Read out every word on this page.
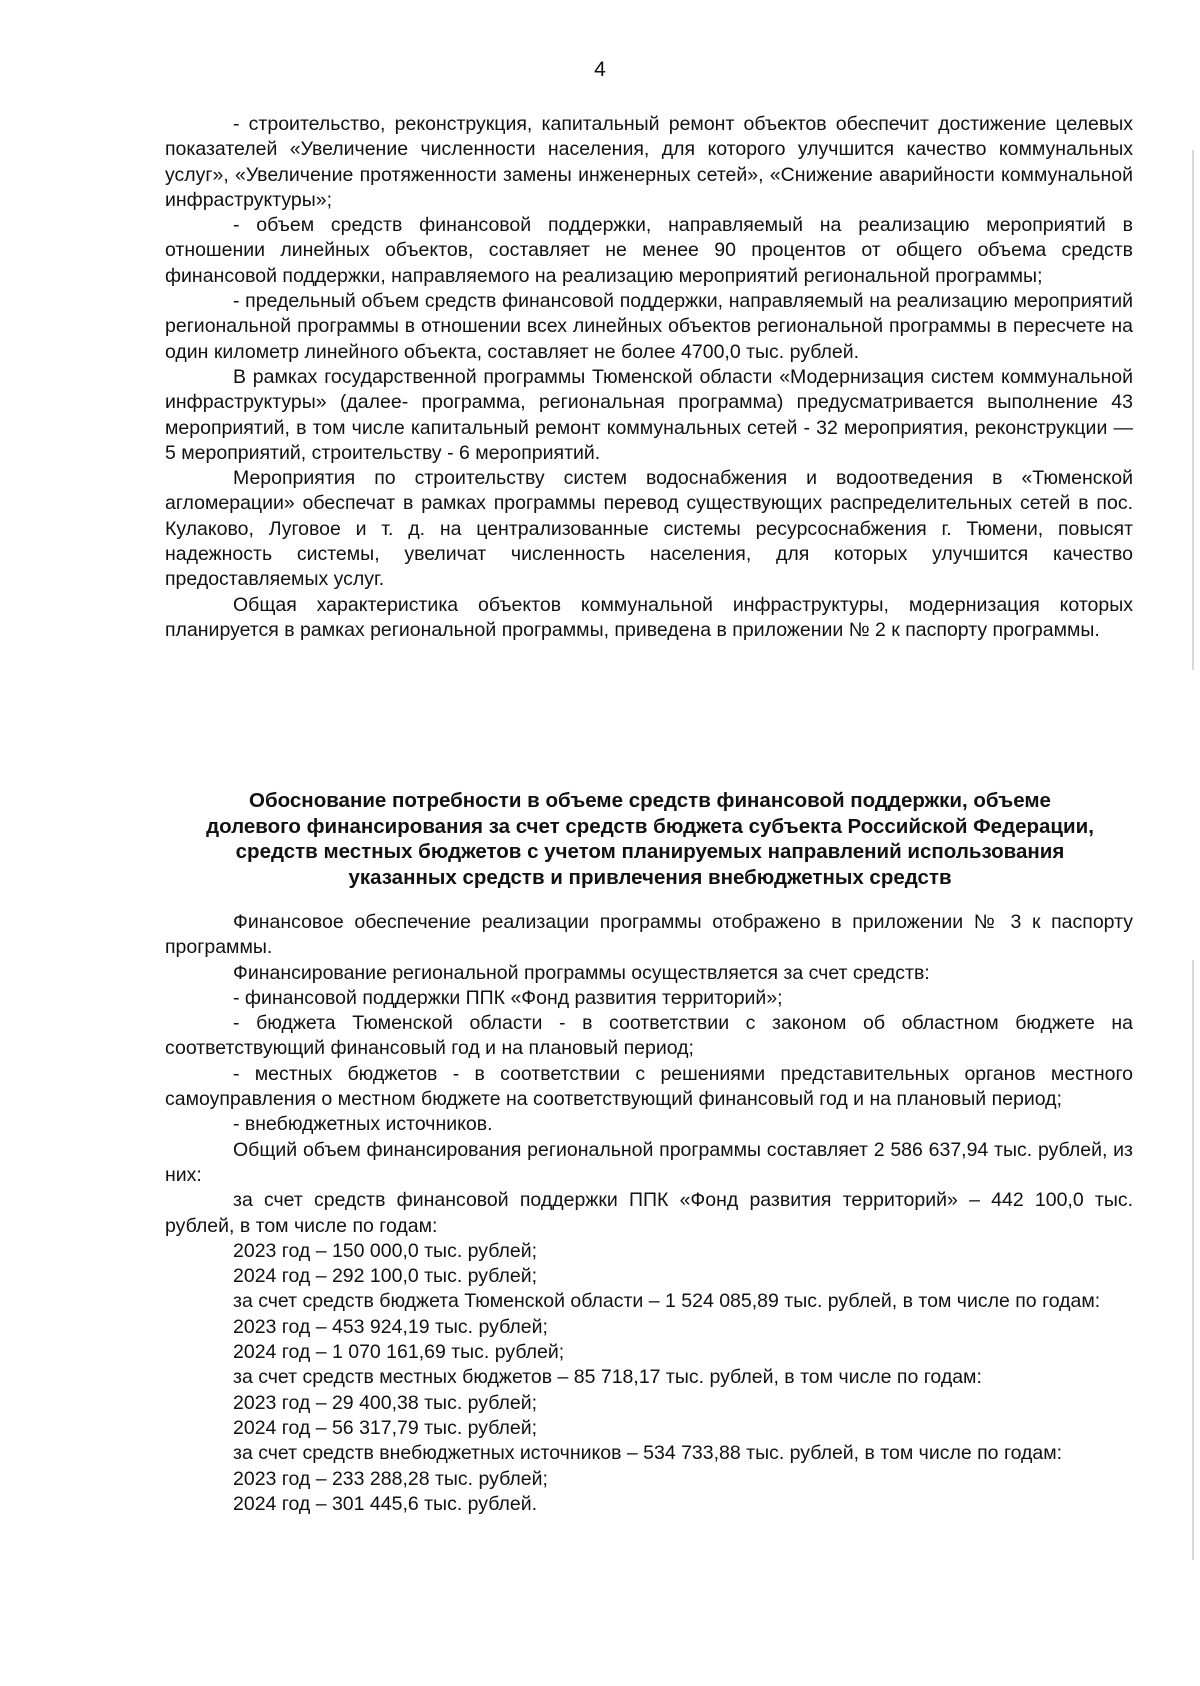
4

- строительство, реконструкция, капитальный ремонт объектов обеспечит достижение целевых показателей «Увеличение численности населения, для которого улучшится качество коммунальных услуг», «Увеличение протяженности замены инженерных сетей», «Снижение аварийности коммунальной инфраструктуры»;

- объем средств финансовой поддержки, направляемый на реализацию мероприятий в отношении линейных объектов, составляет не менее 90 процентов от общего объема средств финансовой поддержки, направляемого на реализацию мероприятий региональной программы;

- предельный объем средств финансовой поддержки, направляемый на реализацию мероприятий региональной программы в отношении всех линейных объектов региональной программы в пересчете на один километр линейного объекта, составляет не более 4700,0 тыс. рублей.

В рамках государственной программы Тюменской области «Модернизация систем коммунальной инфраструктуры» (далее- программа, региональная программа) предусматривается выполнение 43 мероприятий, в том числе капитальный ремонт коммунальных сетей - 32 мероприятия, реконструкции — 5 мероприятий, строительству - 6 мероприятий.

Мероприятия по строительству систем водоснабжения и водоотведения в «Тюменской агломерации» обеспечат в рамках программы перевод существующих распределительных сетей в пос. Кулаково, Луговое и т. д. на централизованные системы ресурсоснабжения г. Тюмени, повысят надежность системы, увеличат численность населения, для которых улучшится качество предоставляемых услуг.

Общая характеристика объектов коммунальной инфраструктуры, модернизация которых планируется в рамках региональной программы, приведена в приложении № 2 к паспорту программы.

Обоснование потребности в объеме средств финансовой поддержки, объеме
долевого финансирования за счет средств бюджета субъекта Российской Федерации,
средств местных бюджетов с учетом планируемых направлений использования
указанных средств и привлечения внебюджетных средств

Финансовое обеспечение реализации программы отображено в приложении № 3 к паспорту программы.

Финансирование региональной программы осуществляется за счет средств:

- финансовой поддержки ППК «Фонд развития территорий»;

- бюджета Тюменской области - в соответствии с законом об областном бюджете на соответствующий финансовый год и на плановый период;

- местных бюджетов - в соответствии с решениями представительных органов местного самоуправления о местном бюджете на соответствующий финансовый год и на плановый период;

- внебюджетных источников.

Общий объем финансирования региональной программы составляет 2 586 637,94 тыс. рублей, из них:

за счет средств финансовой поддержки ППК «Фонд развития территорий» – 442 100,0 тыс. рублей, в том числе по годам:

2023 год – 150 000,0 тыс. рублей;

2024 год – 292 100,0 тыс. рублей;

за счет средств бюджета Тюменской области – 1 524 085,89 тыс. рублей, в том числе по годам:

2023 год – 453 924,19 тыс. рублей;

2024 год – 1 070 161,69 тыс. рублей;

за счет средств местных бюджетов – 85 718,17 тыс. рублей, в том числе по годам:

2023 год – 29 400,38 тыс. рублей;

2024 год – 56 317,79 тыс. рублей;

за счет средств внебюджетных источников – 534 733,88 тыс. рублей, в том числе по годам:

2023 год – 233 288,28 тыс. рублей;

2024 год – 301 445,6 тыс. рублей.
